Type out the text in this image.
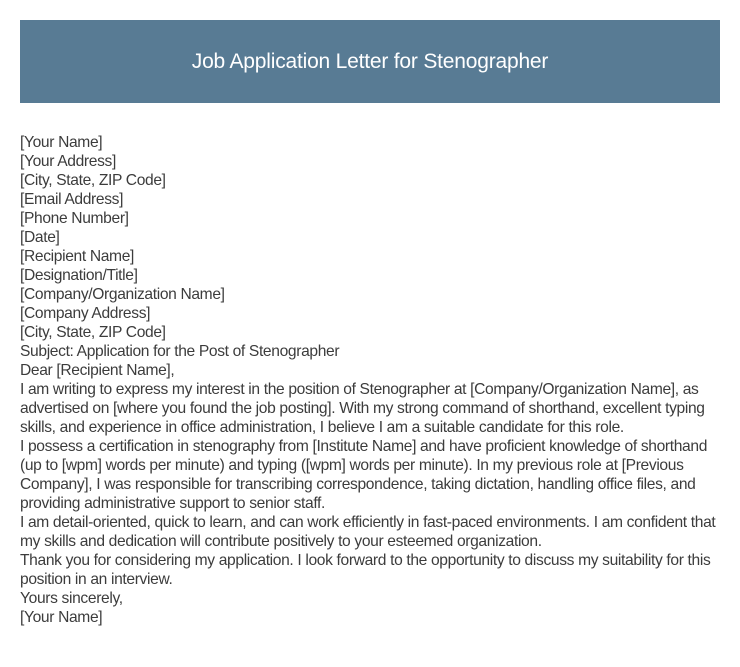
Job Application Letter for Stenographer
[Your Name]
[Your Address]
[City, State, ZIP Code]
[Email Address]
[Phone Number]
[Date]
[Recipient Name]
[Designation/Title]
[Company/Organization Name]
[Company Address]
[City, State, ZIP Code]
Subject: Application for the Post of Stenographer
Dear [Recipient Name],

I am writing to express my interest in the position of Stenographer at [Company/Organization Name], as advertised on [where you found the job posting]. With my strong command of shorthand, excellent typing skills, and experience in office administration, I believe I am a suitable candidate for this role.

I possess a certification in stenography from [Institute Name] and have proficient knowledge of shorthand (up to [wpm] words per minute) and typing ([wpm] words per minute). In my previous role at [Previous Company], I was responsible for transcribing correspondence, taking dictation, handling office files, and providing administrative support to senior staff.

I am detail-oriented, quick to learn, and can work efficiently in fast-paced environments. I am confident that my skills and dedication will contribute positively to your esteemed organization.

Thank you for considering my application. I look forward to the opportunity to discuss my suitability for this position in an interview.

Yours sincerely,
[Your Name]
